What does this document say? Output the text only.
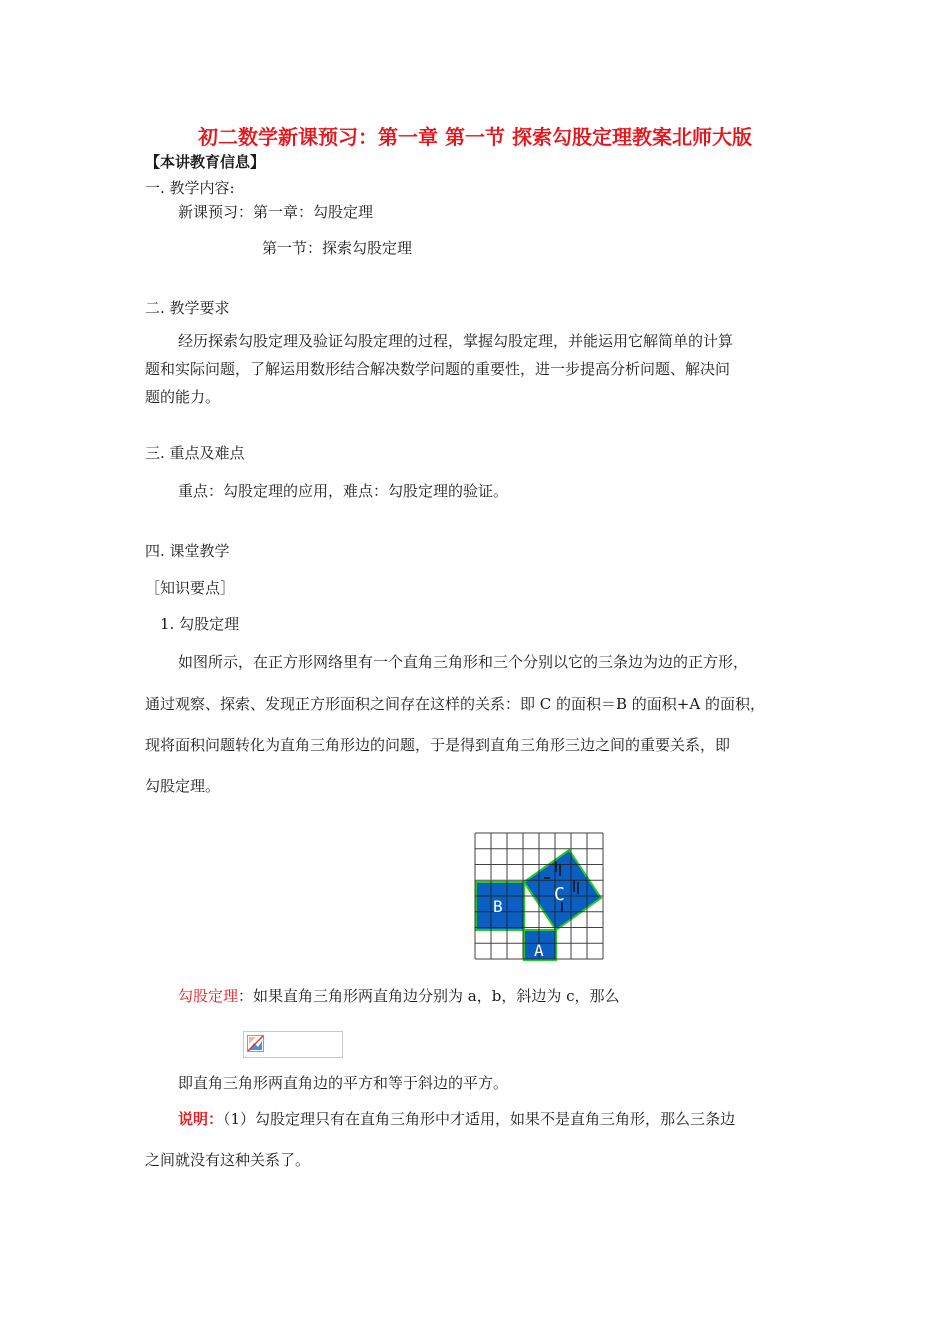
初二数学新课预习：第一章 第一节 探索勾股定理教案北师大版
【本讲教育信息】
一. 教学内容:
新课预习：第一章：勾股定理
第一节：探索勾股定理
二. 教学要求
经历探索勾股定理及验证勾股定理的过程，掌握勾股定理，并能运用它解简单的计算
题和实际问题，了解运用数形结合解决数学问题的重要性，进一步提高分析问题、解决问
题的能力。
三. 重点及难点
重点：勾股定理的应用，难点：勾股定理的验证。
四. 课堂教学
［知识要点］
1. 勾股定理
如图所示，在正方形网络里有一个直角三角形和三个分别以它的三条边为边的正方形，
通过观察、探索、发现正方形面积之间存在这样的关系：即 C 的面积＝B 的面积+A 的面积，
现将面积问题转化为直角三角形边的问题，于是得到直角三角形三边之间的重要关系，即
勾股定理。
B
A
C
勾股定理：如果直角三角形两直角边分别为 a，b，斜边为 c，那么
即直角三角形两直角边的平方和等于斜边的平方。
说明：（1）勾股定理只有在直角三角形中才适用，如果不是直角三角形，那么三条边
之间就没有这种关系了。
